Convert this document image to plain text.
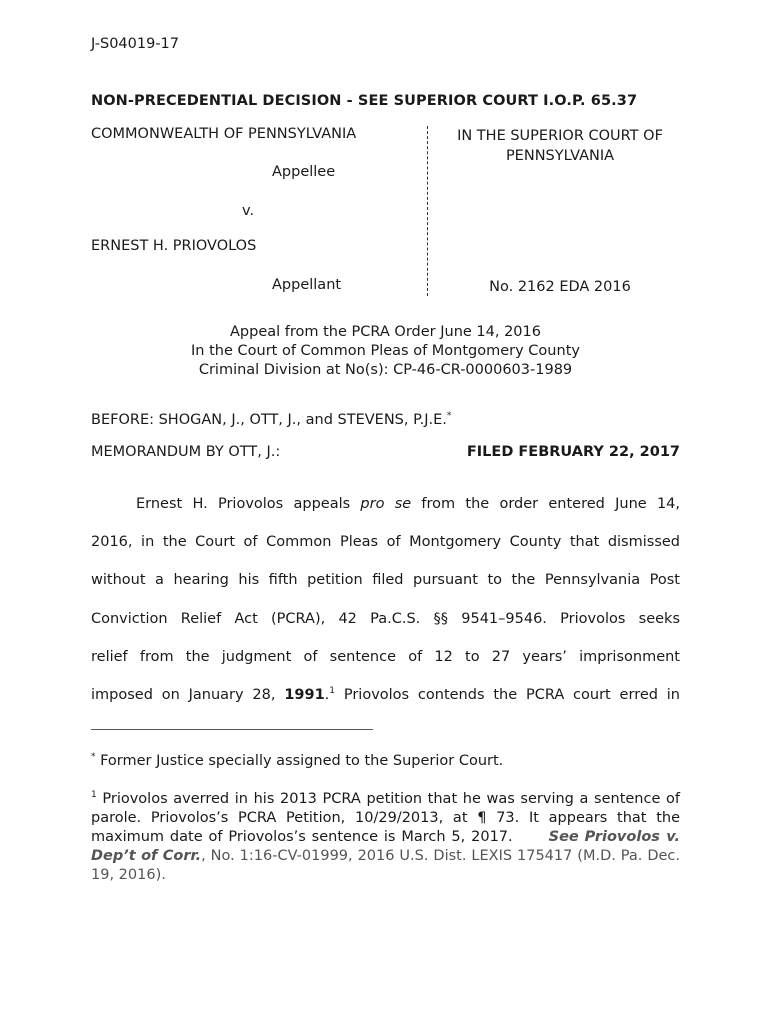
J-S04019-17
NON-PRECEDENTIAL DECISION - SEE SUPERIOR COURT I.O.P. 65.37
COMMONWEALTH OF PENNSYLVANIA
Appellee
v.
ERNEST H. PRIOVOLOS
Appellant
IN THE SUPERIOR COURT OF
PENNSYLVANIA
No. 2162 EDA 2016
Appeal from the PCRA Order June 14, 2016
In the Court of Common Pleas of Montgomery County
Criminal Division at No(s): CP-46-CR-0000603-1989
BEFORE: SHOGAN, J., OTT, J., and STEVENS, P.J.E.*
MEMORANDUM BY OTT, J.:	FILED FEBRUARY 22, 2017
Ernest H. Priovolos appeals pro se from the order entered June 14,
2016, in the Court of Common Pleas of Montgomery County that dismissed
without a hearing his fifth petition filed pursuant to the Pennsylvania Post
Conviction Relief Act (PCRA), 42 Pa.C.S. §§ 9541–9546. Priovolos seeks
relief from the judgment of sentence of 12 to 27 years’ imprisonment
imposed on January 28, 1991.$^1$ Priovolos contends the PCRA court erred in
* Former Justice specially assigned to the Superior Court.
$^1$ Priovolos averred in his 2013 PCRA petition that he was serving a sentence of parole. Priovolos’s PCRA Petition, 10/29/2013, at ¶ 73. It appears that the maximum date of Priovolos’s sentence is March 5, 2017. See Priovolos v. Dep’t of Corr., No. 1:16-CV-01999, 2016 U.S. Dist. LEXIS 175417 (M.D. Pa. Dec. 19, 2016).
